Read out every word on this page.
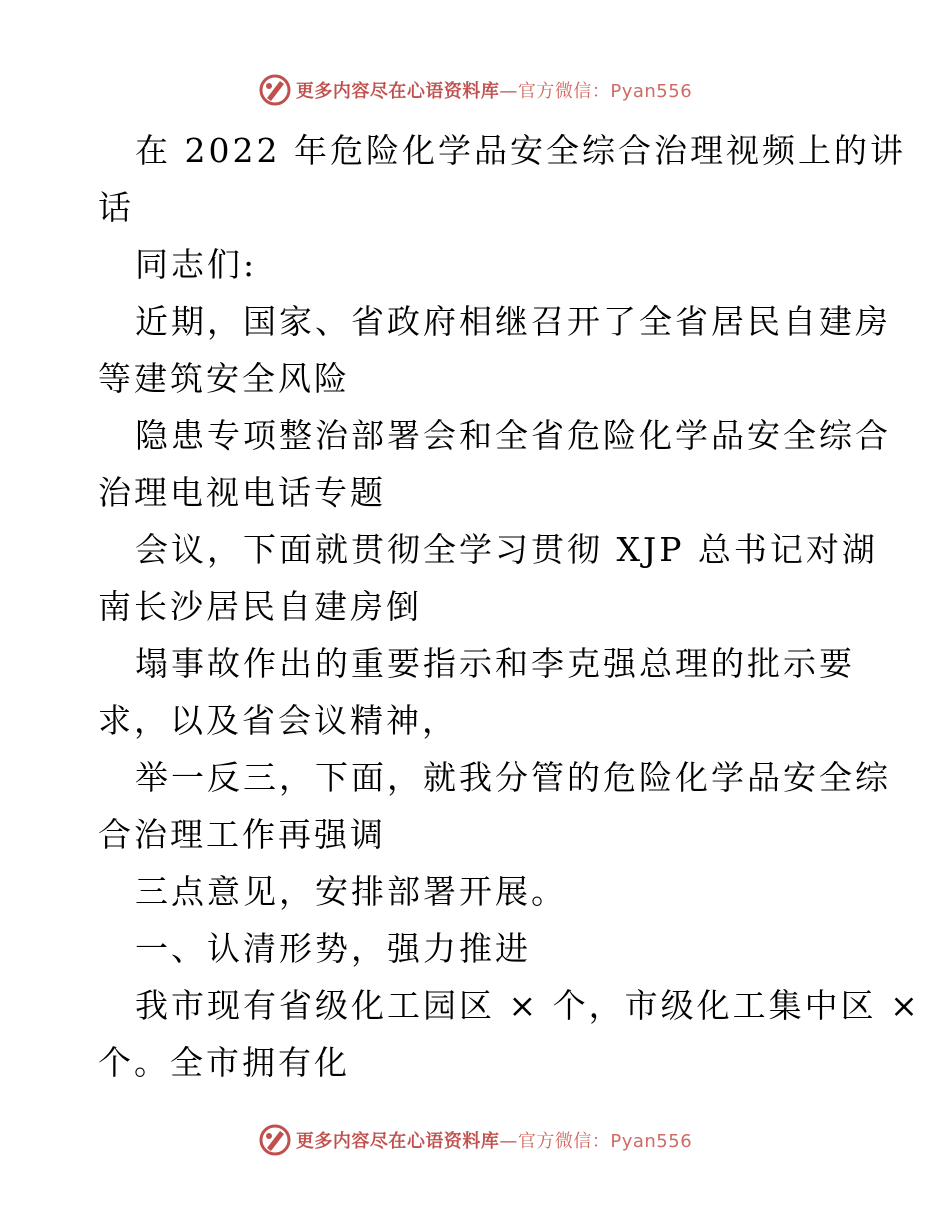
更多内容尽在心语资料库—官方微信：Pyan556
在 2022 年危险化学品安全综合治理视频上的讲
话
同志们:
近期，国家、省政府相继召开了全省居民自建房
等建筑安全风险
隐患专项整治部署会和全省危险化学品安全综合
治理电视电话专题
会议，下面就贯彻全学习贯彻 XJP 总书记对湖
南长沙居民自建房倒
塌事故作出的重要指示和李克强总理的批示要
求，以及省会议精神，
举一反三，下面，就我分管的危险化学品安全综
合治理工作再强调
三点意见，安排部署开展。
一、认清形势，强力推进
我市现有省级化工园区 × 个，市级化工集中区 ×
个。全市拥有化
更多内容尽在心语资料库—官方微信：Pyan556
